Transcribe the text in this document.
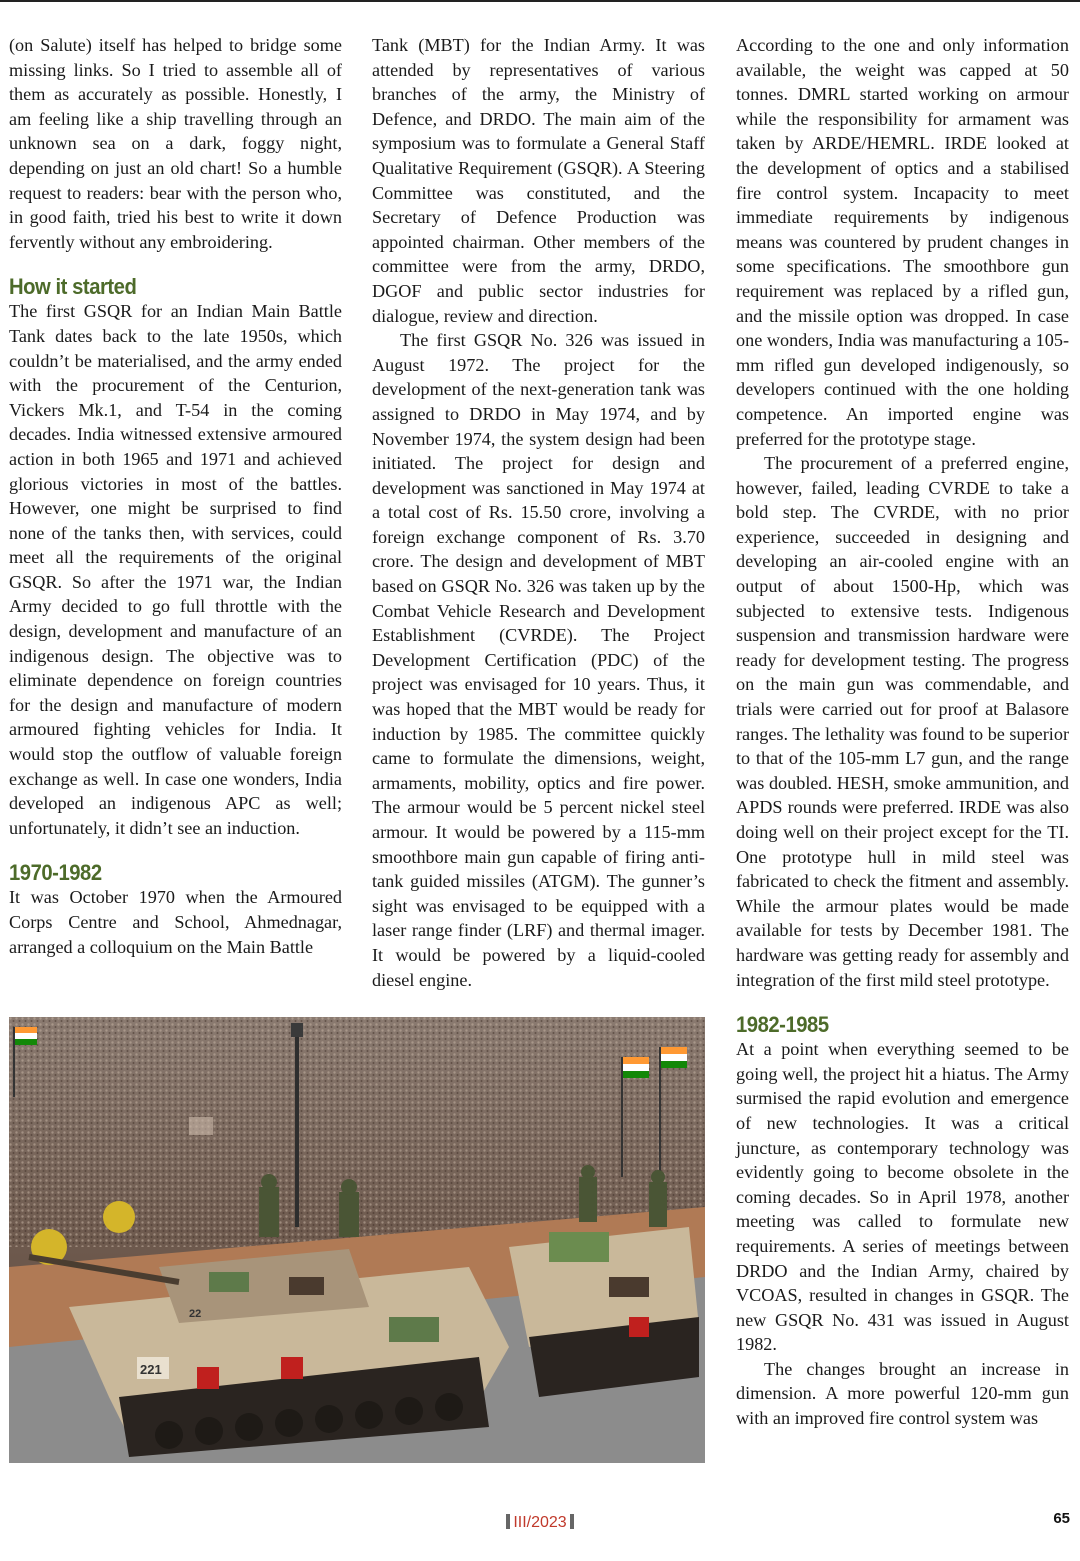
(on Salute) itself has helped to bridge some missing links. So I tried to assemble all of them as accurately as possible. Honestly, I am feeling like a ship travelling through an unknown sea on a dark, foggy night, depending on just an old chart! So a humble request to readers: bear with the person who, in good faith, tried his best to write it down fervently without any embroidering.

How it started

The first GSQR for an Indian Main Battle Tank dates back to the late 1950s, which couldn’t be materialised, and the army ended with the procurement of the Centurion, Vickers Mk.1, and T-54 in the coming decades. India witnessed extensive armoured action in both 1965 and 1971 and achieved glorious victories in most of the battles. However, one might be surprised to find none of the tanks then, with services, could meet all the requirements of the original GSQR. So after the 1971 war, the Indian Army decided to go full throttle with the design, development and manufacture of an indigenous design. The objective was to eliminate dependence on foreign countries for the design and manufacture of modern armoured fighting vehicles for India. It would stop the outflow of valuable foreign exchange as well. In case one wonders, India developed an indigenous APC as well; unfortunately, it didn’t see an induction.

1970-1982

It was October 1970 when the Armoured Corps Centre and School, Ahmednagar, arranged a colloquium on the Main Battle

Tank (MBT) for the Indian Army. It was attended by representatives of various branches of the army, the Ministry of Defence, and DRDO. The main aim of the symposium was to formulate a General Staff Qualitative Requirement (GSQR). A Steering Committee was constituted, and the Secretary of Defence Production was appointed chairman. Other members of the committee were from the army, DRDO, DGOF and public sector industries for dialogue, review and direction.

The first GSQR No. 326 was issued in August 1972. The project for the development of the next-generation tank was assigned to DRDO in May 1974, and by November 1974, the system design had been initiated. The project for design and development was sanctioned in May 1974 at a total cost of Rs. 15.50 crore, involving a foreign exchange component of Rs. 3.70 crore. The design and development of MBT based on GSQR No. 326 was taken up by the Combat Vehicle Research and Development Establishment (CVRDE). The Project Development Certification (PDC) of the project was envisaged for 10 years. Thus, it was hoped that the MBT would be ready for induction by 1985. The committee quickly came to formulate the dimensions, weight, armaments, mobility, optics and fire power. The armour would be 5 percent nickel steel armour. It would be powered by a 115-mm smoothbore main gun capable of firing anti-tank guided missiles (ATGM). The gunner’s sight was envisaged to be equipped with a laser range finder (LRF) and thermal imager. It would be powered by a liquid-cooled diesel engine.

According to the one and only information available, the weight was capped at 50 tonnes. DMRL started working on armour while the responsibility for armament was taken by ARDE/HEMRL. IRDE looked at the development of optics and a stabilised fire control system. Incapacity to meet immediate requirements by indigenous means was countered by prudent changes in some specifications. The smoothbore gun requirement was replaced by a rifled gun, and the missile option was dropped. In case one wonders, India was manufacturing a 105-mm rifled gun developed indigenously, so developers continued with the one holding competence. An imported engine was preferred for the prototype stage.

The procurement of a preferred engine, however, failed, leading CVRDE to take a bold step. The CVRDE, with no prior experience, succeeded in designing and developing an air-cooled engine with an output of about 1500-Hp, which was subjected to extensive tests. Indigenous suspension and transmission hardware were ready for development testing. The progress on the main gun was commendable, and trials were carried out for proof at Balasore ranges. The lethality was found to be superior to that of the 105-mm L7 gun, and the range was doubled. HESH, smoke ammunition, and APDS rounds were preferred. IRDE was also doing well on their project except for the TI. One prototype hull in mild steel was fabricated to check the fitment and assembly. While the armour plates would be made available for tests by December 1981. The hardware was getting ready for assembly and integration of the first mild steel prototype.

1982-1985

At a point when everything seemed to be going well, the project hit a hiatus. The Army surmised the rapid evolution and emergence of new technologies. It was a critical juncture, as contemporary technology was evidently going to become obsolete in the coming decades. So in April 1978, another meeting was called to formulate new requirements. A series of meetings between DRDO and the Indian Army, chaired by VCOAS, resulted in changes in GSQR. The new GSQR No. 431 was issued in August 1982.

The changes brought an increase in dimension. A more powerful 120-mm gun with an improved fire control system was

221
22
III/2023	65
